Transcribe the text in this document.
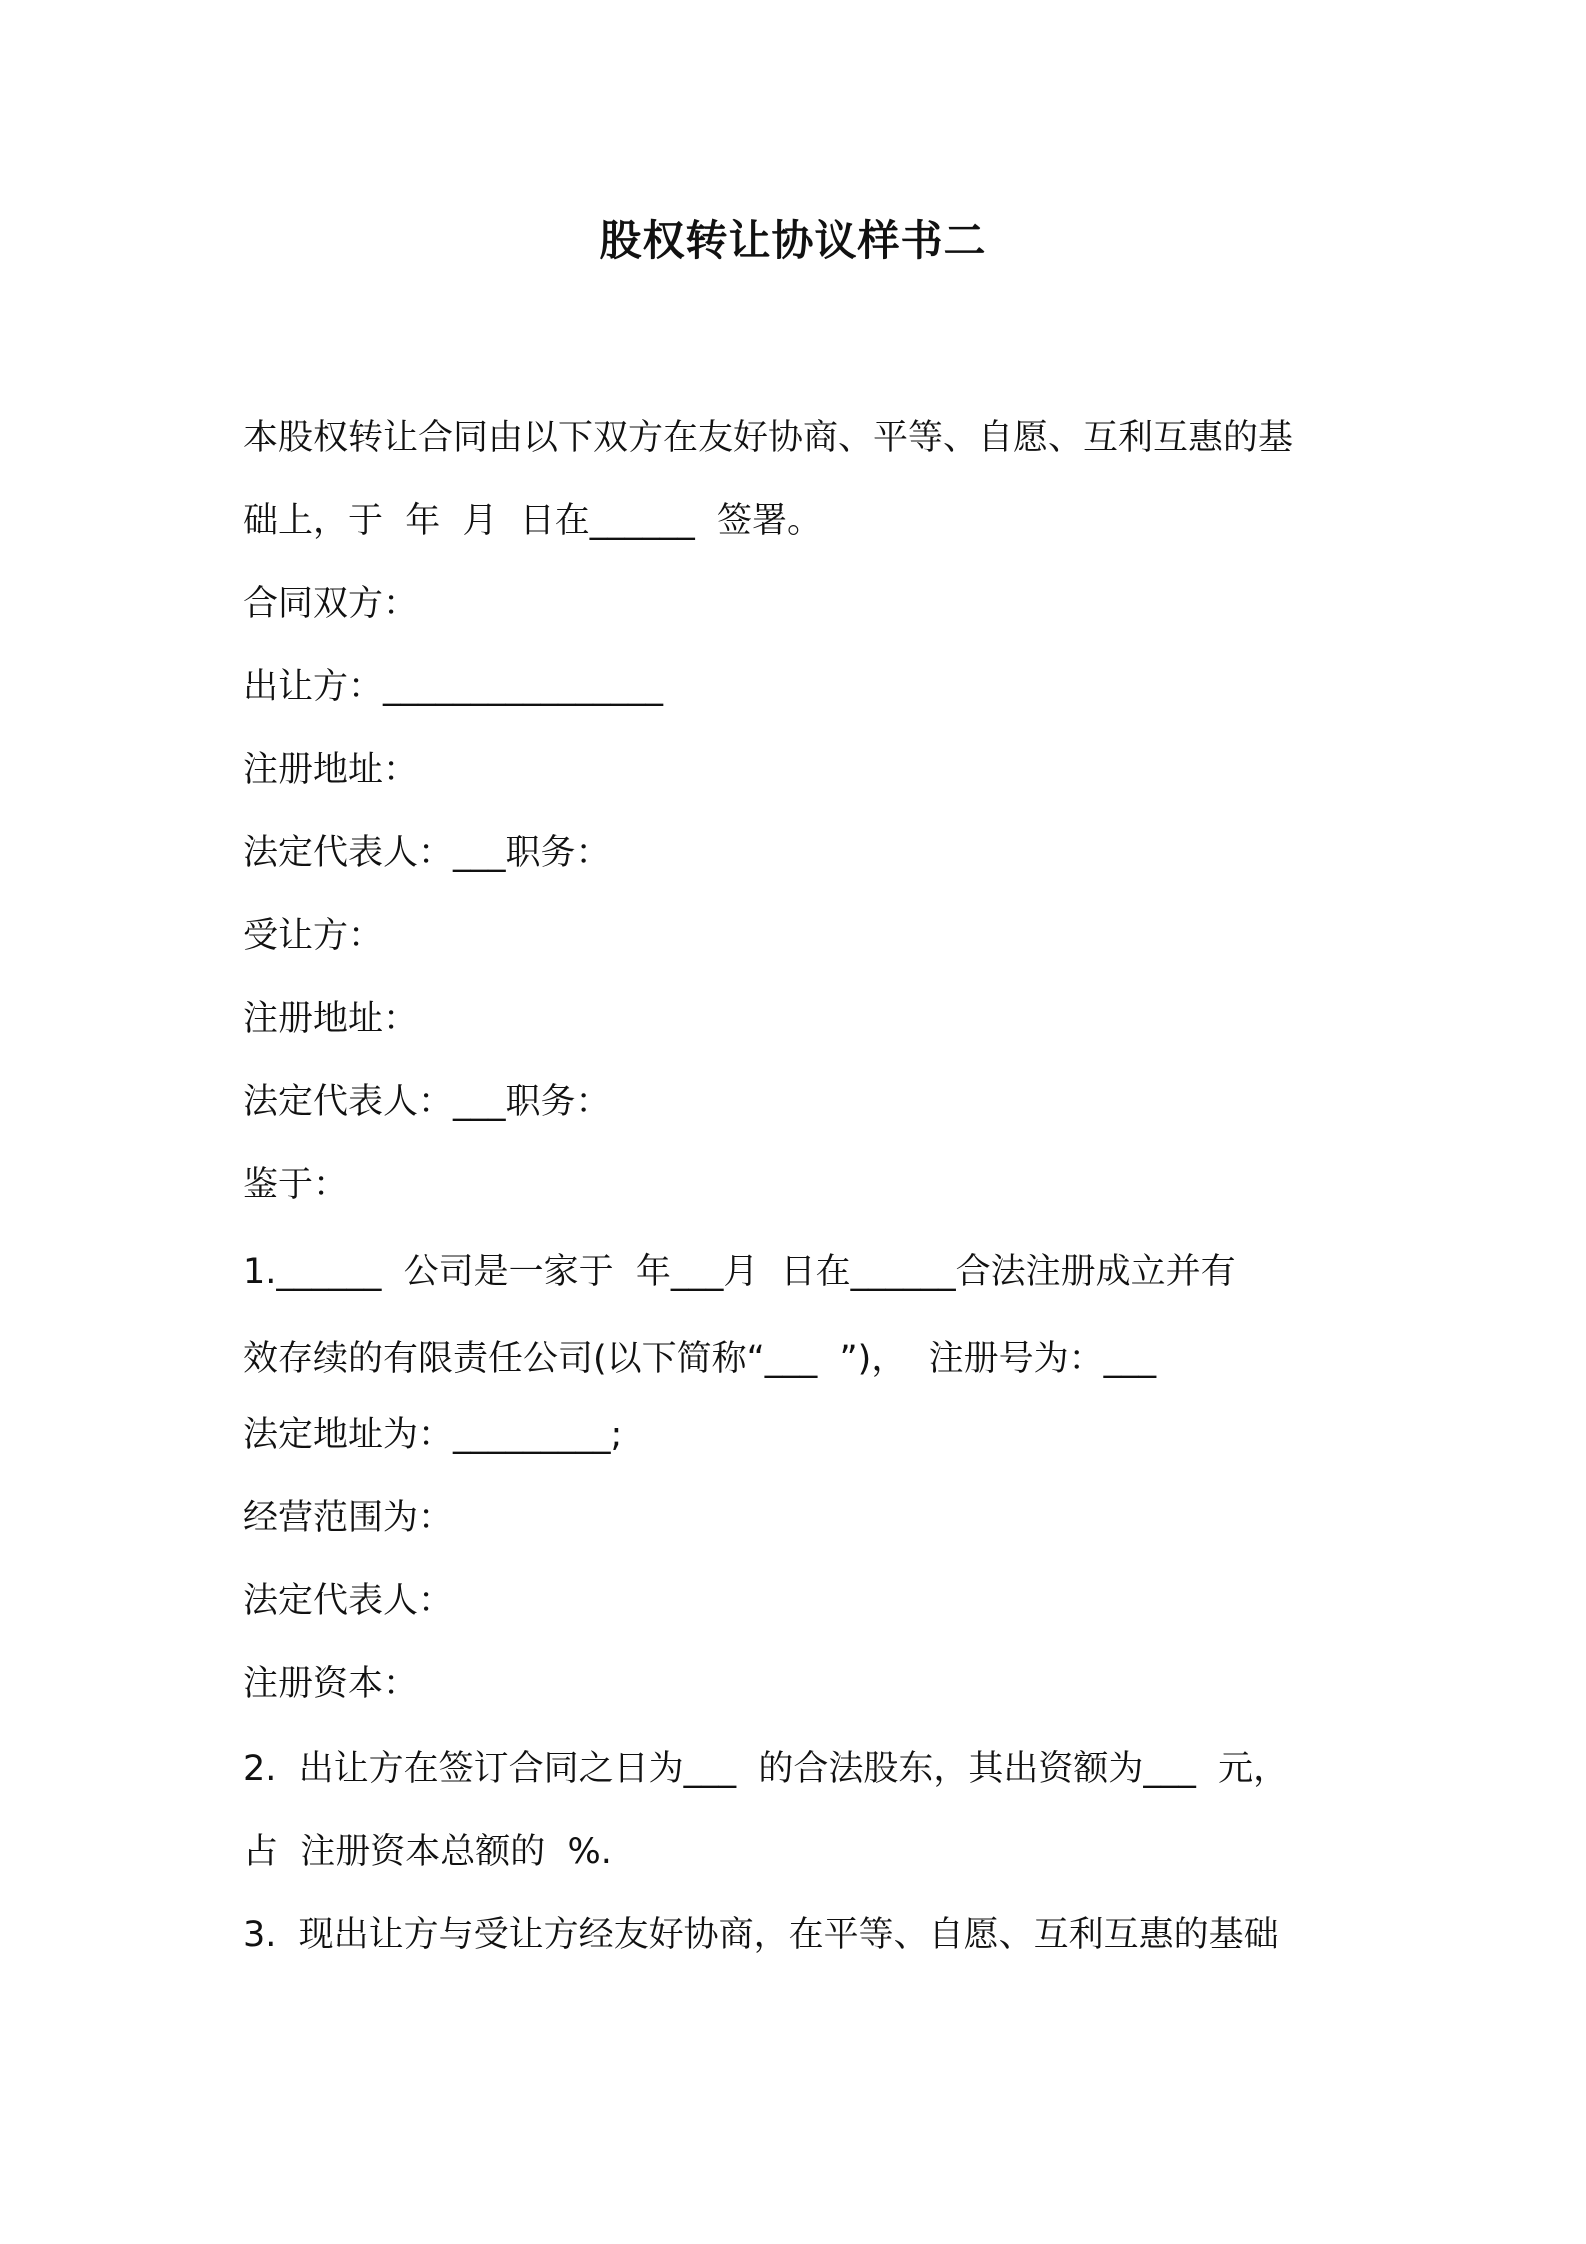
股权转让协议样书二
本股权转让合同由以下双方在友好协商、平等、自愿、互利互惠的基
础上，于  年  月  日在______  签署。
合同双方：
出让方：________________
注册地址：
法定代表人：___职务：
受让方：
注册地址：
法定代表人：___职务：
鉴于：
1.______  公司是一家于  年___月  日在______合法注册成立并有
效存续的有限责任公司(以下简称“___  ”)，  注册号为：___
法定地址为：_________;
经营范围为：
法定代表人：
注册资本：
2.  出让方在签订合同之日为___  的合法股东，其出资额为___  元，
占  注册资本总额的  %.
3.  现出让方与受让方经友好协商，在平等、自愿、互利互惠的基础
